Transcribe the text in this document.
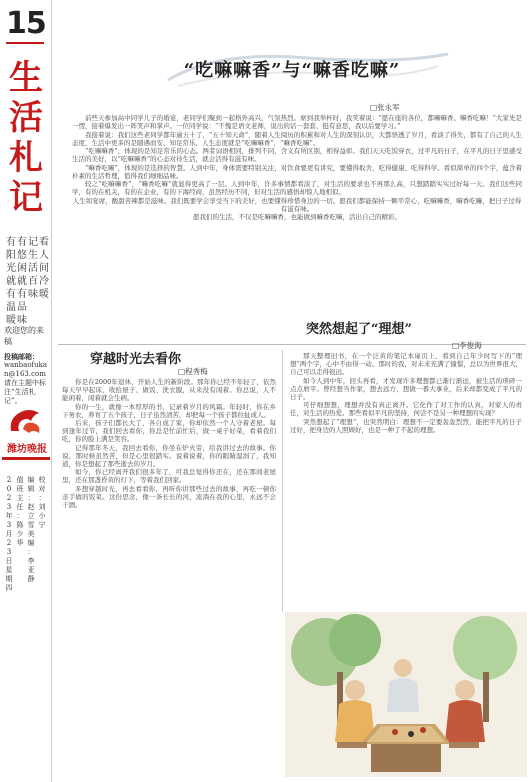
15
生
活
札
记
欢迎您的来稿
投稿邮箱：
wanbaofukan@163.com
请在主题中标注“生活札记”。
潍坊晚报
有
阳
光
就
有
温
暖
有
悠
闲
就
有
品
味
记
生
活
百
味
看
人
间
冷
暖
2
0
2
3
年
3
月
2
3
日
星
期
四
值
班
主
任
：
陈
少
华
编
辑
：
赵
立
雪
美
编
：
李
亚
静
校
对
：
刘
小
宁
“吃嘛嘛香”与“嘛香吃嘛”
□张永军

前些天参加高中同学儿子的婚宴，老同学们聚到一起格外高兴，气氛热烈。席到我举杯时，我笑着说：“愿在座的各位，都嘛嘛香、嘛香吃嘛！”大家先是一愣，接着爆发出一阵笑声和掌声。一位同学说：“不愧是语文老师，说出的话一套套、挺有意思，我以后要学习。”

我接着说：我们这些老同学都年逾五十了，“五十知天命”，随着人生阅历的积累和对人生的深刻认识，大都悟透了岁月，看淡了得失，都有了自己的人生态度，生活中更多的是随遇而安、知足常乐，人生态度就是“吃嘛嘛香”，“嘛香吃嘛”。

“吃嘛嘛香”，体现的是知足常乐的心态。两者词语相同，排列不同，含义有所区别，相得益彰。我们天天吃饭穿衣，过平凡的日子，在平凡的日子里感受生活的美好，以“吃嘛嘛香”的心态对待生活，就会活得有滋有味。

“嘛香吃嘛”，体现的是选择的智慧。人到中年，身体需要特别关注，对饮食要更有讲究，要懂得取舍，吃得健康、吃得科学。看似简单的四个字，蕴含着朴素的生活哲理，值得我们细细品味。

较之“吃嘛嘛香”，“嘛香吃嘛”就显得更高了一层。人到中年，许多事情都看淡了，对生活的要求也不再那么高，只想踏踏实实过好每一天。我们这些同学，有的在机关，有的在企业，有的下海经商，虽然经历不同，但对生活的感悟却惊人地相似。

人生如宴席，酸甜苦辣都是滋味。我们既要学会享受当下的美好，也要懂得珍惜身边的一切。愿我们都能保持一颗平常心，吃嘛嘛香，嘛香吃嘛，把日子过得有滋有味。

愿我们的生活，不仅是吃嘛嘛香，也能做到嘛香吃嘛，活出自己的精彩。

穿越时光去看你
□程秀梅

你是在2000年退休，开始人生的新阶段。那年你已经不年轻了，依然每天早早起床，收拾屋子、做饭、洗衣服，从来没有闲着。你总说，人不能闲着，闲着就会生病。

你的一生，就像一本厚厚的书，记录着岁月的风霜。年轻时，你在乡下务农，养育了五个孩子，日子虽然清苦，却把每一个孩子都拉扯成人。

后来，孩子们都长大了，各自成了家，你却依然一个人守着老屋。每到逢年过节，我们回去看你，你总是忙前忙后，做一桌子好菜，看着我们吃，你的脸上满是笑容。

记得那年冬天，我回去看你，你坐在炉火旁，给我讲过去的故事。你说，那时候虽然苦，但是心里很踏实。说着说着，你的眼睛湿润了，我知道，你是想起了那些逝去的岁月。

如今，你已经离开我们很多年了，可我总觉得你还在，还在那间老屋里，还在那盏昏黄的灯下，等着我们回家。

多想穿越时光，再去看看你，再听你讲那些过去的故事，再吃一顿你亲手做的饭菜。这份思念，像一条长长的河，流淌在我的心里，永远不会干涸。

突然想起了“理想”
□李俊海

那天整理旧书，在一个泛黄的笔记本扉页上，看到自己年少时写下的“理想”两个字，心中不由得一动。那时的我，对未来充满了憧憬，总以为世界很大，自己可以走得很远。

如今人到中年，回头再看，才发现许多理想都已渐行渐远，被生活的琐碎一点点磨平。曾经想当作家，想去远方，想做一番大事业，后来却都变成了平凡的日子。

可仔细想想，理想并没有真正离开。它化作了对工作的认真，对家人的责任，对生活的热爱。那些看似平凡的坚持，何尝不是另一种理想的实现？

突然想起了“理想”，也突然明白：理想不一定要轰轰烈烈，能把平凡的日子过好，把身边的人照顾好，也是一种了不起的理想。
